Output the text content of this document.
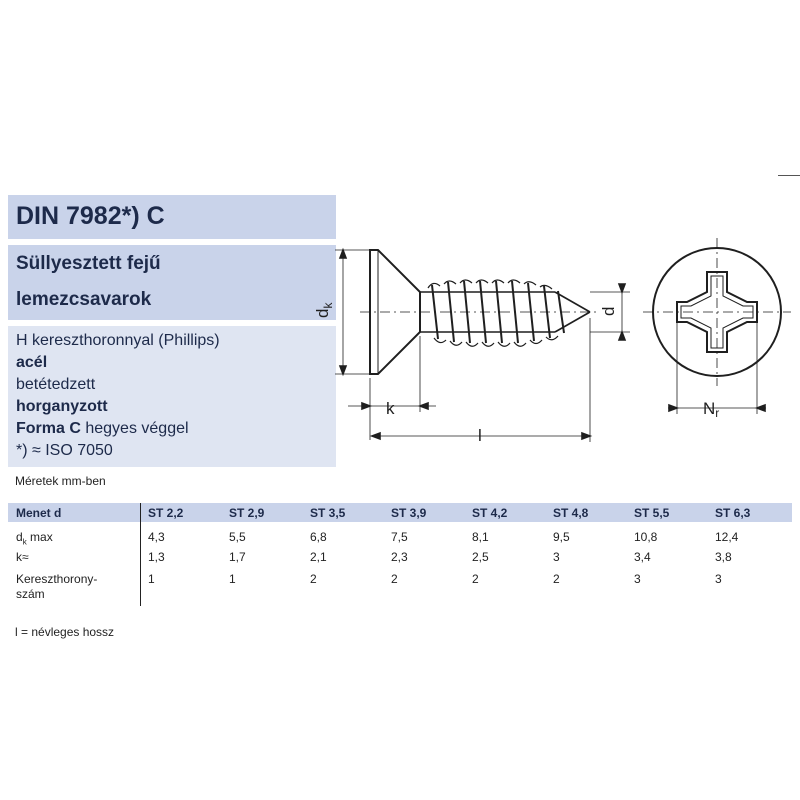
DIN 7982*) C
Süllyesztett fejű
lemezcsavarok
H kereszthoronnyal (Phillips)
acél
betétedzett
horganyzott
Forma C hegyes véggel
*) ≈ ISO 7050
$d_k$
k
l
d
Nr
Méretek mm-ben
Menet d	ST 2,2	ST 2,9	ST 3,5	ST 3,9	ST 4,2	ST 4,8	ST 5,5	ST 6,3
$d_k$ max	4,3	5,5	6,8	7,5	8,1	9,5	10,8	12,4
k≈	1,3	1,7	2,1	2,3	2,5	3	3,4	3,8
Kereszthorony-
szám
1	1	2	2	2	2	3	3
l = névleges hossz
